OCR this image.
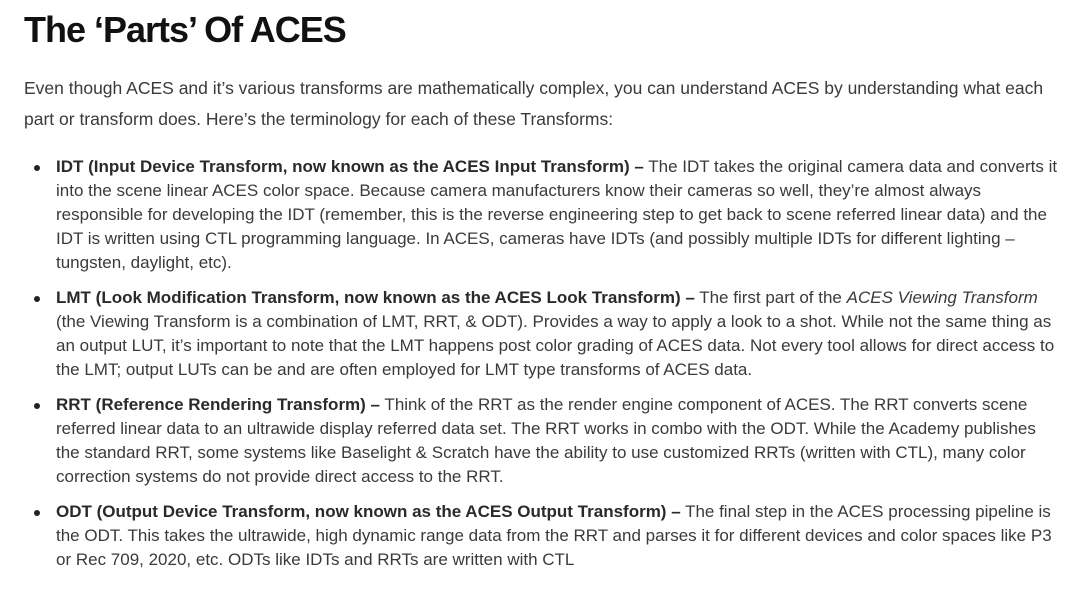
The ‘Parts’ Of ACES

Even though ACES and it’s various transforms are mathematically complex, you can understand ACES by understanding what each part or transform does. Here’s the terminology for each of these Transforms:

IDT (Input Device Transform, now known as the ACES Input Transform) – The IDT takes the original camera data and converts it into the scene linear ACES color space. Because camera manufacturers know their cameras so well, they’re almost always responsible for developing the IDT (remember, this is the reverse engineering step to get back to scene referred linear data) and the IDT is written using CTL programming language. In ACES, cameras have IDTs (and possibly multiple IDTs for different lighting – tungsten, daylight, etc).
LMT (Look Modification Transform, now known as the ACES Look Transform) – The first part of the ACES Viewing Transform (the Viewing Transform is a combination of LMT, RRT, & ODT). Provides a way to apply a look to a shot. While not the same thing as an output LUT, it’s important to note that the LMT happens post color grading of ACES data. Not every tool allows for direct access to the LMT; output LUTs can be and are often employed for LMT type transforms of ACES data.
RRT (Reference Rendering Transform) – Think of the RRT as the render engine component of ACES. The RRT converts scene referred linear data to an ultrawide display referred data set. The RRT works in combo with the ODT. While the Academy publishes the standard RRT, some systems like Baselight & Scratch have the ability to use customized RRTs (written with CTL), many color correction systems do not provide direct access to the RRT.
ODT (Output Device Transform, now known as the ACES Output Transform) – The final step in the ACES processing pipeline is the ODT. This takes the ultrawide, high dynamic range data from the RRT and parses it for different devices and color spaces like P3 or Rec 709, 2020, etc. ODTs like IDTs and RRTs are written with CTL
